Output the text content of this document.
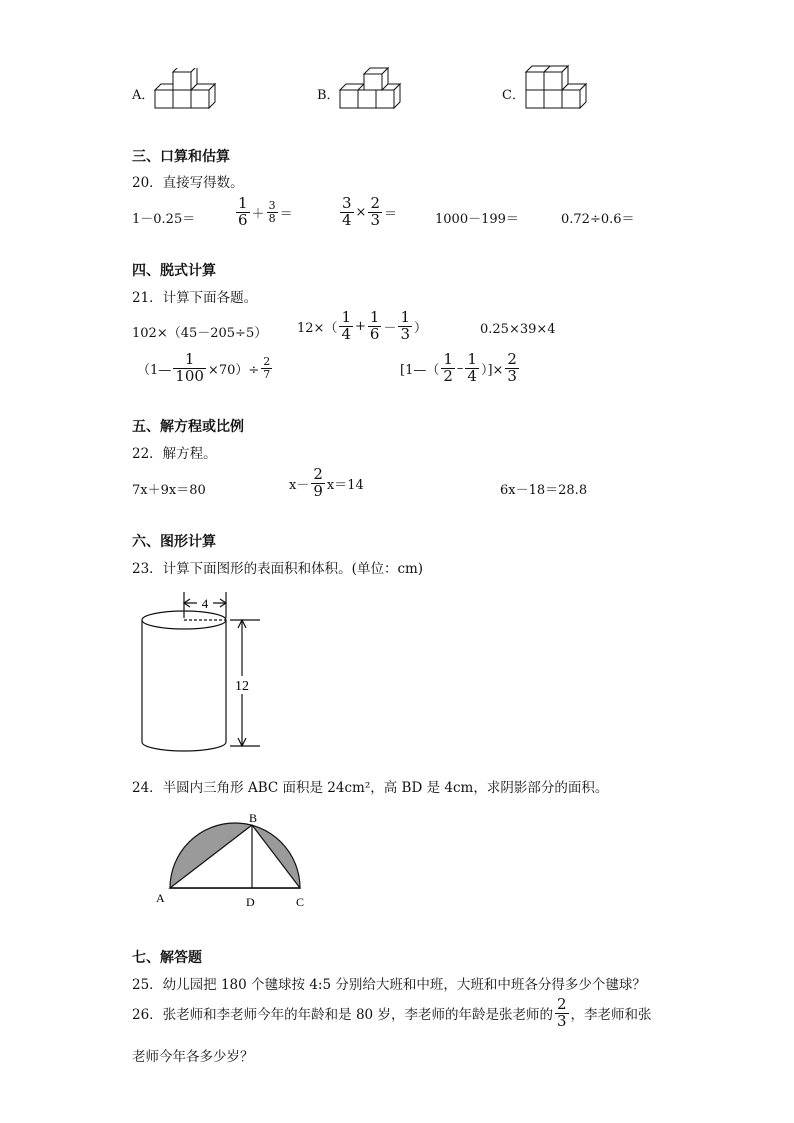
A．	B．	C．
三、口算和估算
20．直接写得数。
1－0.25＝	$\frac{1}{6} + \frac{3}{8}$ ＝	$\frac{3}{4} \times \frac{2}{3}$ ＝	1000－199＝	0.72÷0.6＝
四、脱式计算
21．计算下面各题。
102×（45－205÷5） $12\times( \frac{1}{4} + \frac{1}{6} - \frac{1}{3}$ ）	0.25×39×4
（1— $\frac{1}{100} \times 70)\div \frac{2}{7}$	[1—（ $\frac{1}{2} - \frac{1}{4}$ ）]× $\frac{2}{3}$
五、解方程或比例
22．解方程。
7x＋9x＝80	$x- \frac{2}{9} x=14$	6x－18＝28.8
六、图形计算
23．计算下面图形的表面积和体积。(单位：cm)
4
12
24．半圆内三角形 ABC 面积是 24cm²，高 BD 是 4cm，求阴影部分的面积。
B
A	D	C
七、解答题
25．幼儿园把 180 个毽球按 4:5 分别给大班和中班，大班和中班各分得多少个毽球？
26．张老师和李老师今年的年龄和是 80 岁，李老师的年龄是张老师的 $\frac{2}{3}$ ，李老师和张
老师今年各多少岁？
